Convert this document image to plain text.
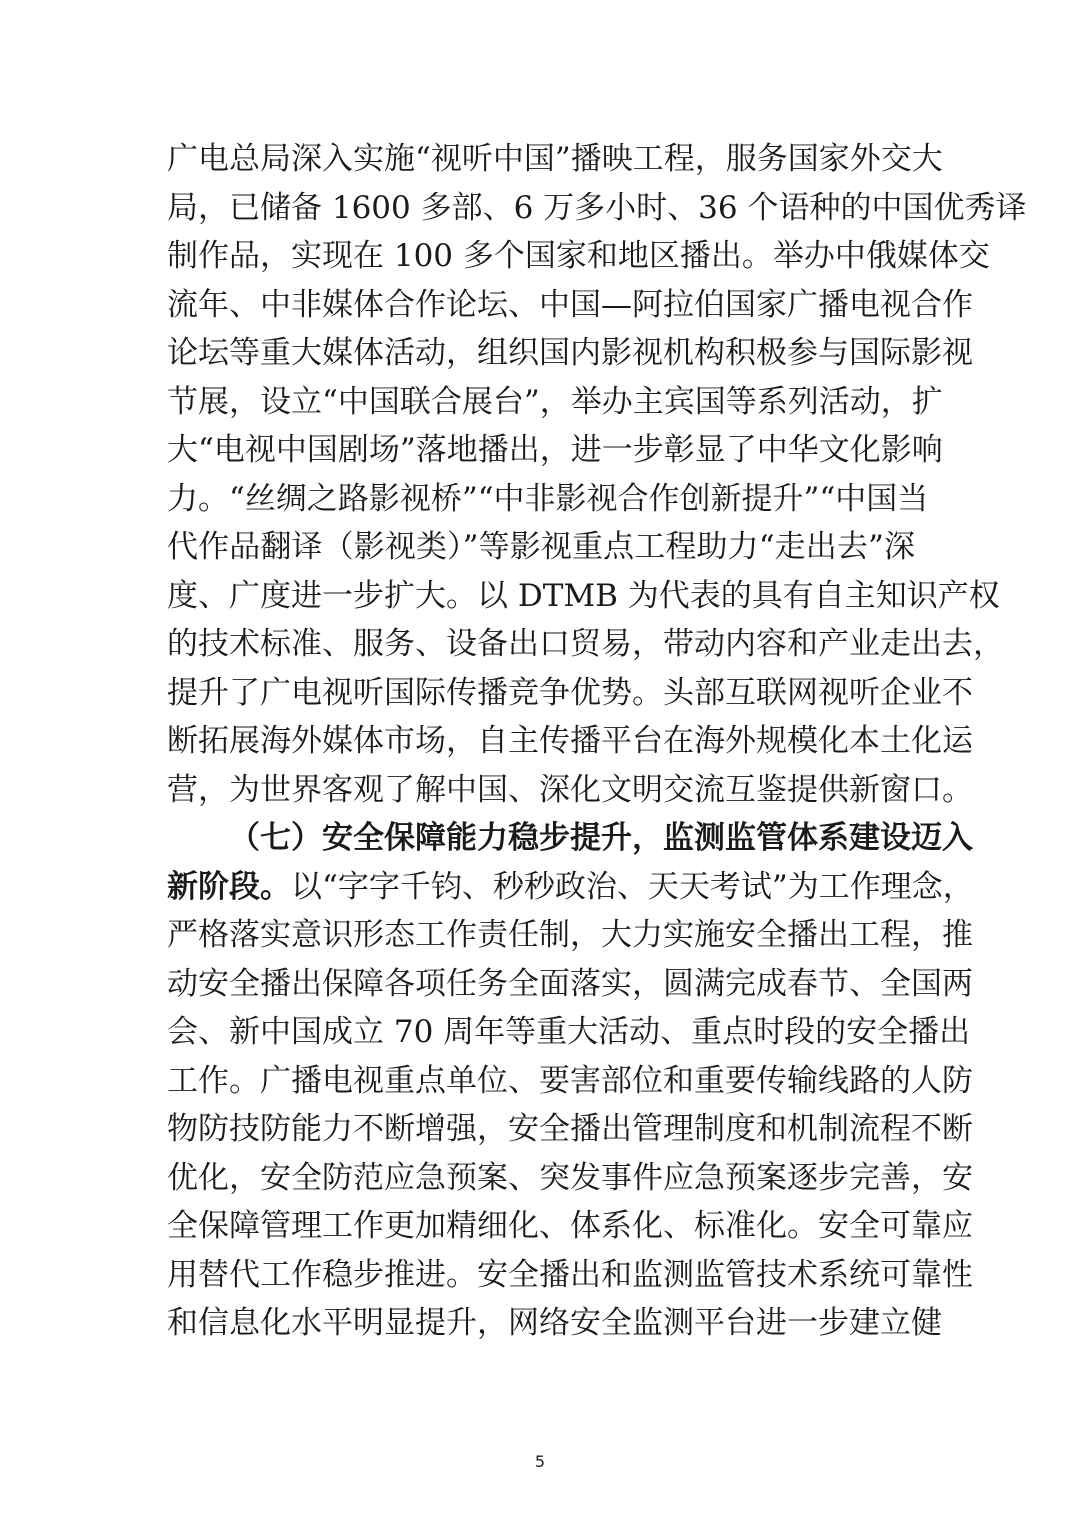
广电总局深入实施“视听中国”播映工程，服务国家外交大
局，已储备 1600 多部、6 万多小时、36 个语种的中国优秀译
制作品，实现在 100 多个国家和地区播出。举办中俄媒体交
流年、中非媒体合作论坛、中国—阿拉伯国家广播电视合作
论坛等重大媒体活动，组织国内影视机构积极参与国际影视
节展，设立“中国联合展台”，举办主宾国等系列活动，扩
大“电视中国剧场”落地播出，进一步彰显了中华文化影响
力。“丝绸之路影视桥”“中非影视合作创新提升”“中国当
代作品翻译（影视类）”等影视重点工程助力“走出去”深
度、广度进一步扩大。以 DTMB 为代表的具有自主知识产权
的技术标准、服务、设备出口贸易，带动内容和产业走出去，
提升了广电视听国际传播竞争优势。头部互联网视听企业不
断拓展海外媒体市场，自主传播平台在海外规模化本土化运
营，为世界客观了解中国、深化文明交流互鉴提供新窗口。
（七）安全保障能力稳步提升，监测监管体系建设迈入
新阶段。以“字字千钧、秒秒政治、天天考试”为工作理念，
严格落实意识形态工作责任制，大力实施安全播出工程，推
动安全播出保障各项任务全面落实，圆满完成春节、全国两
会、新中国成立 70 周年等重大活动、重点时段的安全播出
工作。广播电视重点单位、要害部位和重要传输线路的人防
物防技防能力不断增强，安全播出管理制度和机制流程不断
优化，安全防范应急预案、突发事件应急预案逐步完善，安
全保障管理工作更加精细化、体系化、标准化。安全可靠应
用替代工作稳步推进。安全播出和监测监管技术系统可靠性
和信息化水平明显提升，网络安全监测平台进一步建立健
5
